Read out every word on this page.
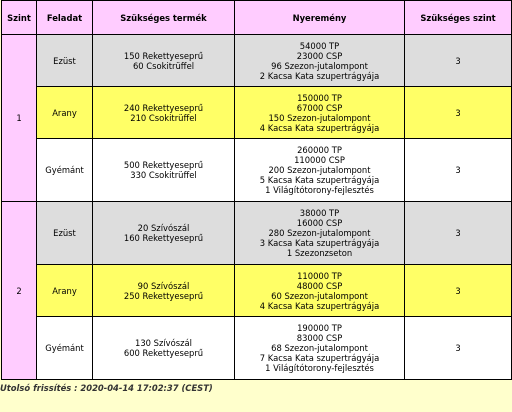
Szint	Feladat	Szükséges termék	Nyeremény	Szükséges szint
1	Ezüst	150 Rekettyeseprű
60 Csokitrüffel	54000 TP
23000 CSP
96 Szezon-jutalompont
2 Kacsa Kata szupertrágyája	3
	Arany	240 Rekettyeseprű
210 Csokitrüffel	150000 TP
67000 CSP
150 Szezon-jutalompont
4 Kacsa Kata szupertrágyája	3
	Gyémánt	500 Rekettyeseprű
330 Csokitrüffel	260000 TP
110000 CSP
200 Szezon-jutalompont
5 Kacsa Kata szupertrágyája
1 Világítótorony-fejlesztés	3
2	Ezüst	20 Szívószál
160 Rekettyeseprű	38000 TP
16000 CSP
280 Szezon-jutalompont
3 Kacsa Kata szupertrágyája
1 Szezonzseton	3
	Arany	90 Szívószál
250 Rekettyeseprű	110000 TP
48000 CSP
60 Szezon-jutalompont
4 Kacsa Kata szupertrágyája	3
	Gyémánt	130 Szívószál
600 Rekettyeseprű	190000 TP
83000 CSP
68 Szezon-jutalompont
7 Kacsa Kata szupertrágyája
1 Világítótorony-fejlesztés	3
Utolsó frissítés : 2020-04-14 17:02:37 (CEST)
